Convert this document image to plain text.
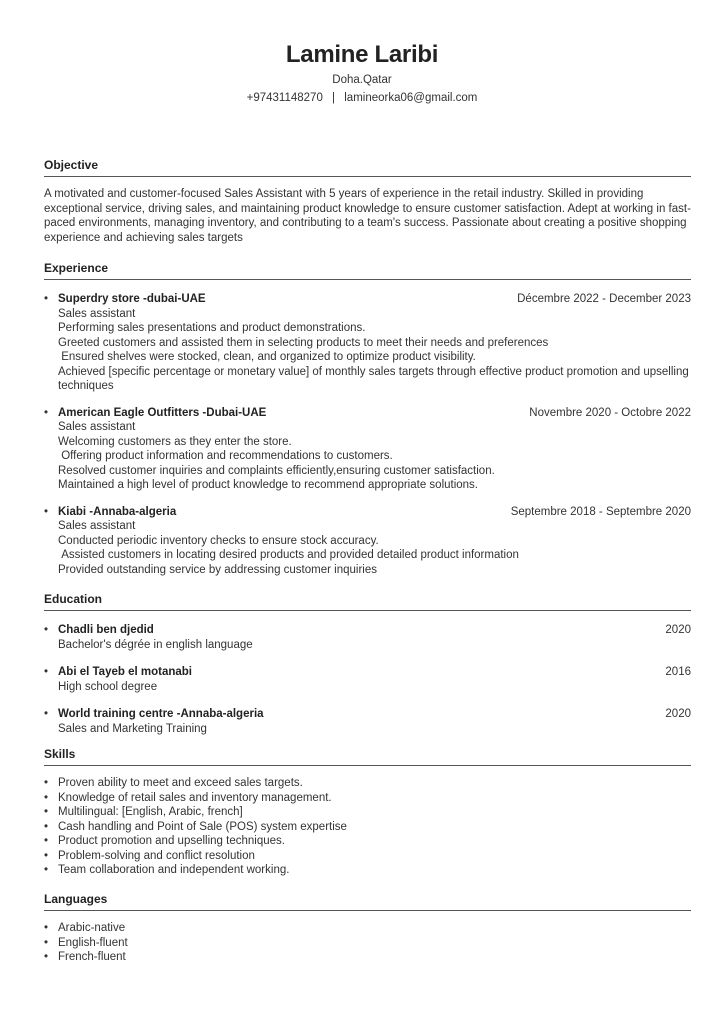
Lamine Laribi
Doha.Qatar
+97431148270 | lamineorka06@gmail.com
Objective
A motivated and customer-focused Sales Assistant with 5 years of experience in the retail industry. Skilled in providing exceptional service, driving sales, and maintaining product knowledge to ensure customer satisfaction. Adept at working in fast-paced environments, managing inventory, and contributing to a team's success. Passionate about creating a positive shopping experience and achieving sales targets
Experience
• Superdry store -dubai-UAE	Décembre 2022 - December 2023
Sales assistant
Performing sales presentations and product demonstrations.
Greeted customers and assisted them in selecting products to meet their needs and preferences
Ensured shelves were stocked, clean, and organized to optimize product visibility.
Achieved [specific percentage or monetary value] of monthly sales targets through effective product promotion and upselling techniques
• American Eagle Outfitters -Dubai-UAE	Novembre 2020 - Octobre 2022
Sales assistant
Welcoming customers as they enter the store.
Offering product information and recommendations to customers.
Resolved customer inquiries and complaints efficiently,ensuring customer satisfaction.
Maintained a high level of product knowledge to recommend appropriate solutions.
• Kiabi -Annaba-algeria	Septembre 2018 - Septembre 2020
Sales assistant
Conducted periodic inventory checks to ensure stock accuracy.
Assisted customers in locating desired products and provided detailed product information
Provided outstanding service by addressing customer inquiries
Education
• Chadli ben djedid	2020
Bachelor's dégrée in english language
• Abi el Tayeb el motanabi	2016
High school degree
• World training centre -Annaba-algeria	2020
Sales and Marketing Training
Skills
• Proven ability to meet and exceed sales targets.
• Knowledge of retail sales and inventory management.
• Multilingual: [English, Arabic, french]
• Cash handling and Point of Sale (POS) system expertise
• Product promotion and upselling techniques.
• Problem-solving and conflict resolution
• Team collaboration and independent working.
Languages
• Arabic-native
• English-fluent
• French-fluent
